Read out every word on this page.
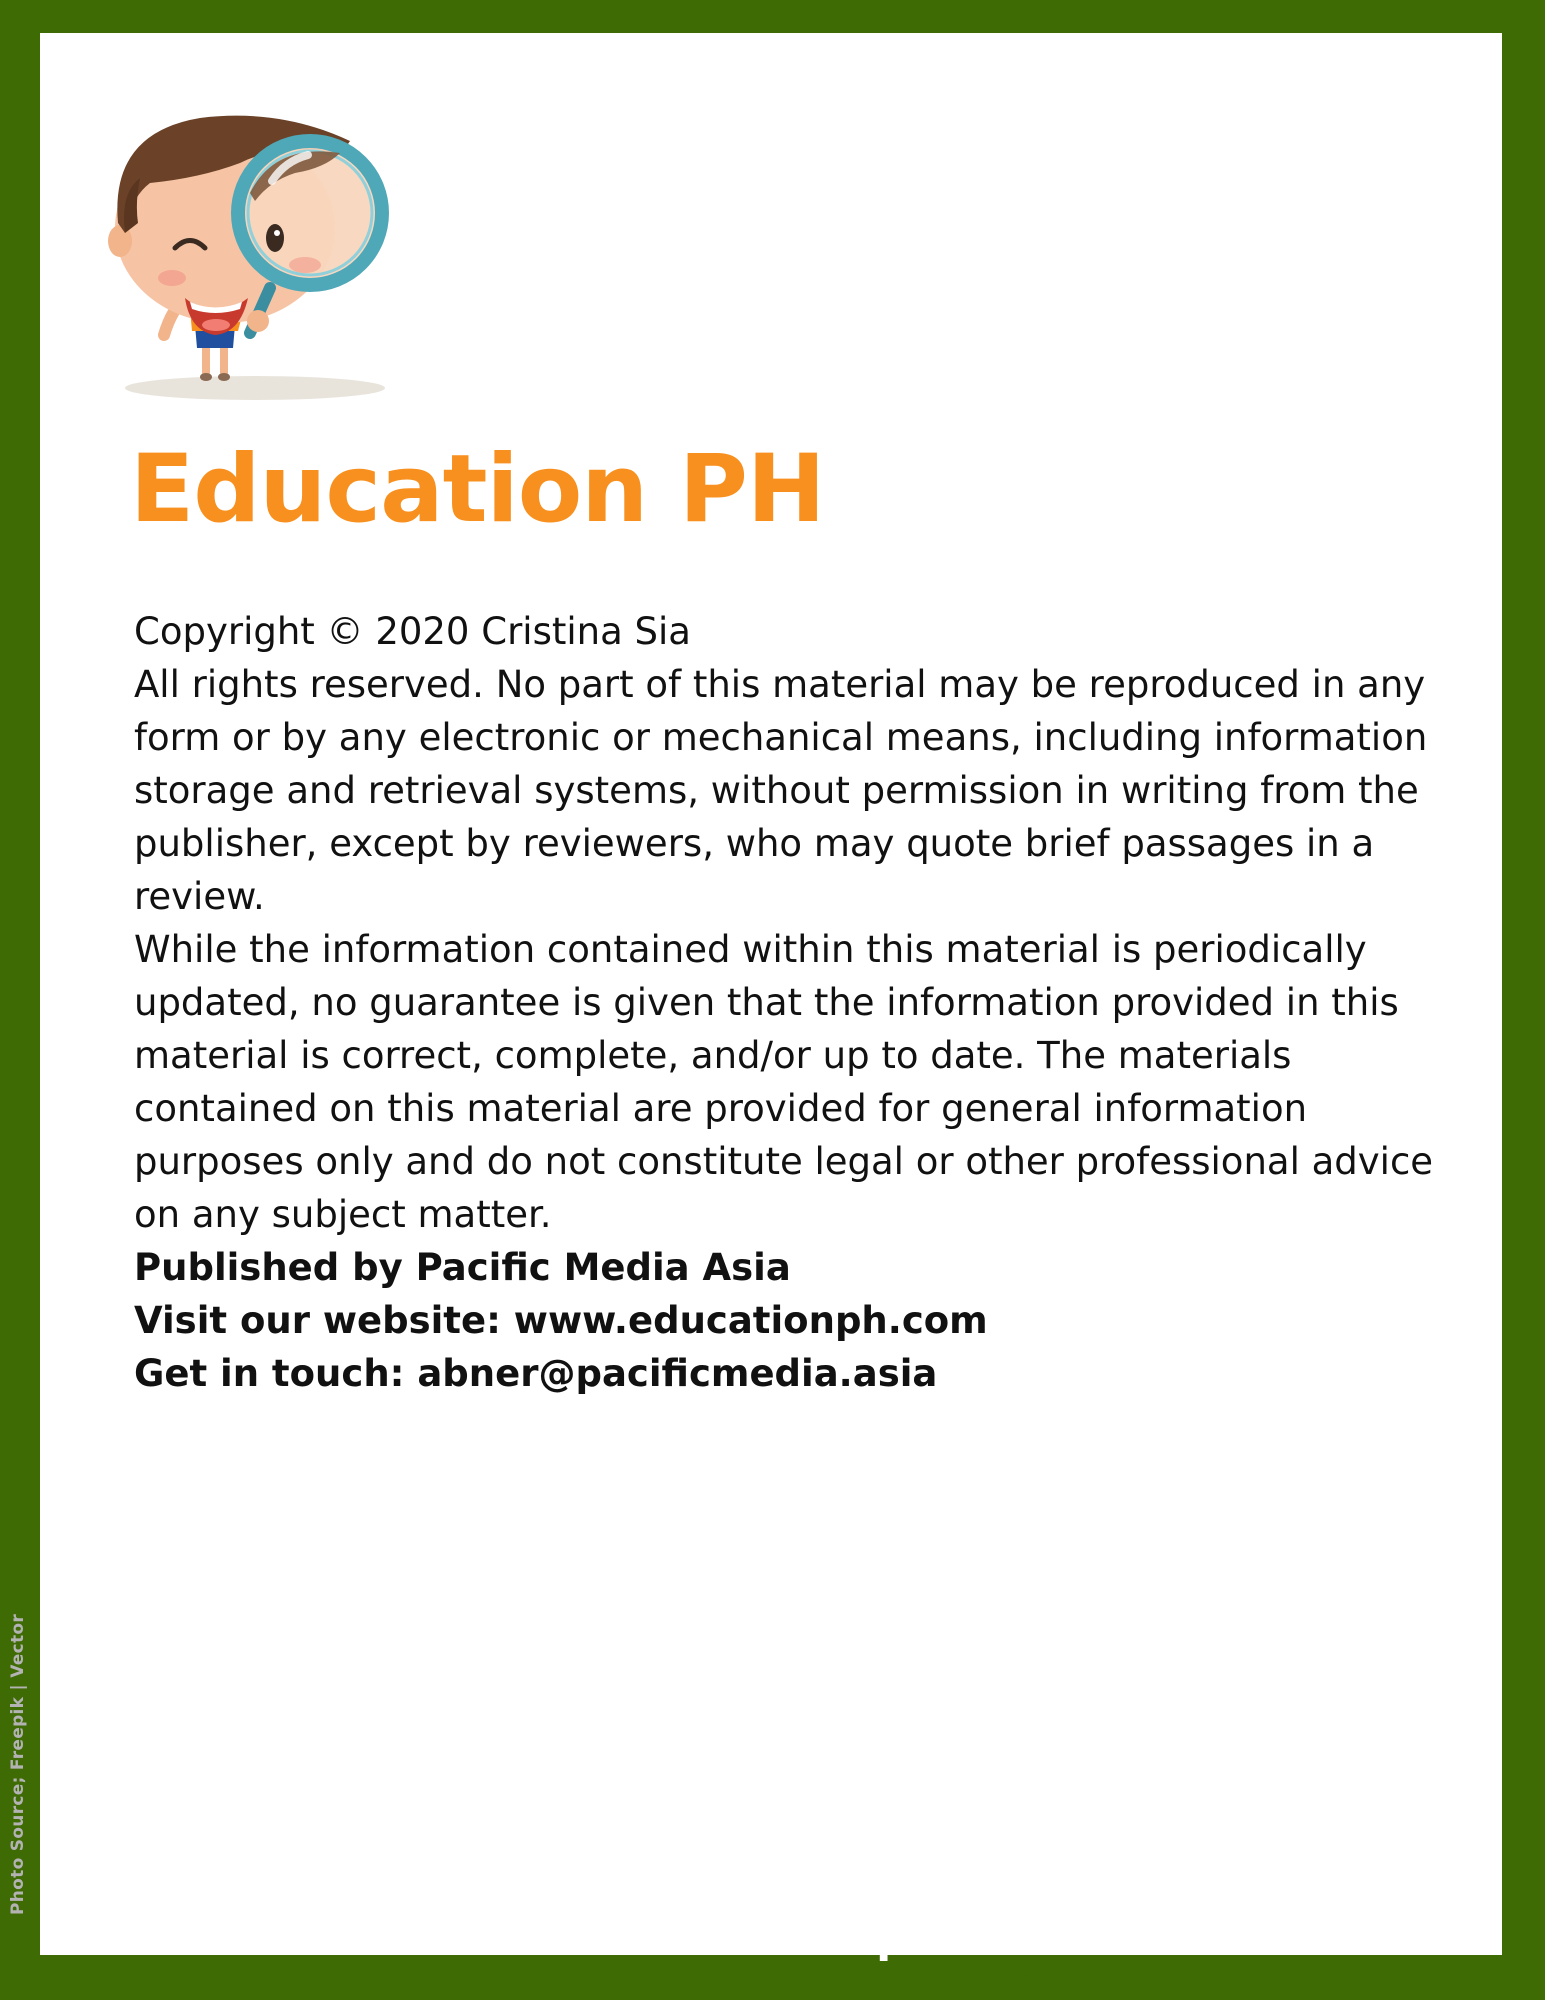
Education PH

Copyright © 2020 Cristina Sia

All rights reserved. No part of this material may be reproduced in any form or by any electronic or mechanical means, including information storage and retrieval systems, without permission in writing from the publisher, except by reviewers, who may quote brief passages in a review.

While the information contained within this material is periodically updated, no guarantee is given that the information provided in this material is correct, complete, and/or up to date. The materials contained on this material are provided for general information purposes only and do not constitute legal or other professional advice on any subject matter.

Published by Pacific Media Asia

Visit our website: www.educationph.com

Get in touch: abner@pacificmedia.asia

Photo Source; Freepik | Vector
www.educationph.com
